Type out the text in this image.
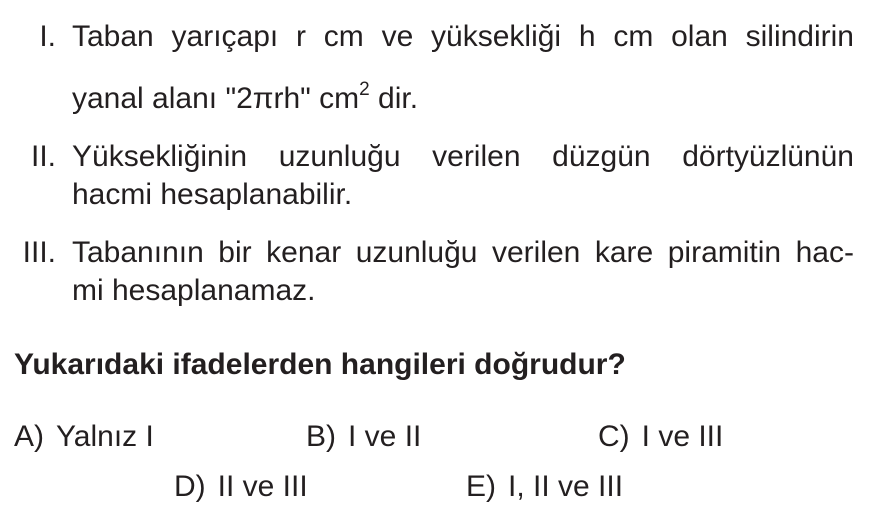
I. Taban yarıçapı r cm ve yüksekliği h cm olan silindirin
yanal alanı "2πrh" $cm^2$ dir.
II. Yüksekliğinin uzunluğu verilen düzgün dörtyüzlünün
hacmi hesaplanabilir.
III. Tabanının bir kenar uzunluğu verilen kare piramitin hac-
mi hesaplanamaz.
Yukarıdaki ifadelerden hangileri doğrudur?
A) Yalnız I	B) I ve II	C) I ve III
D) II ve III	E) I, II ve III
